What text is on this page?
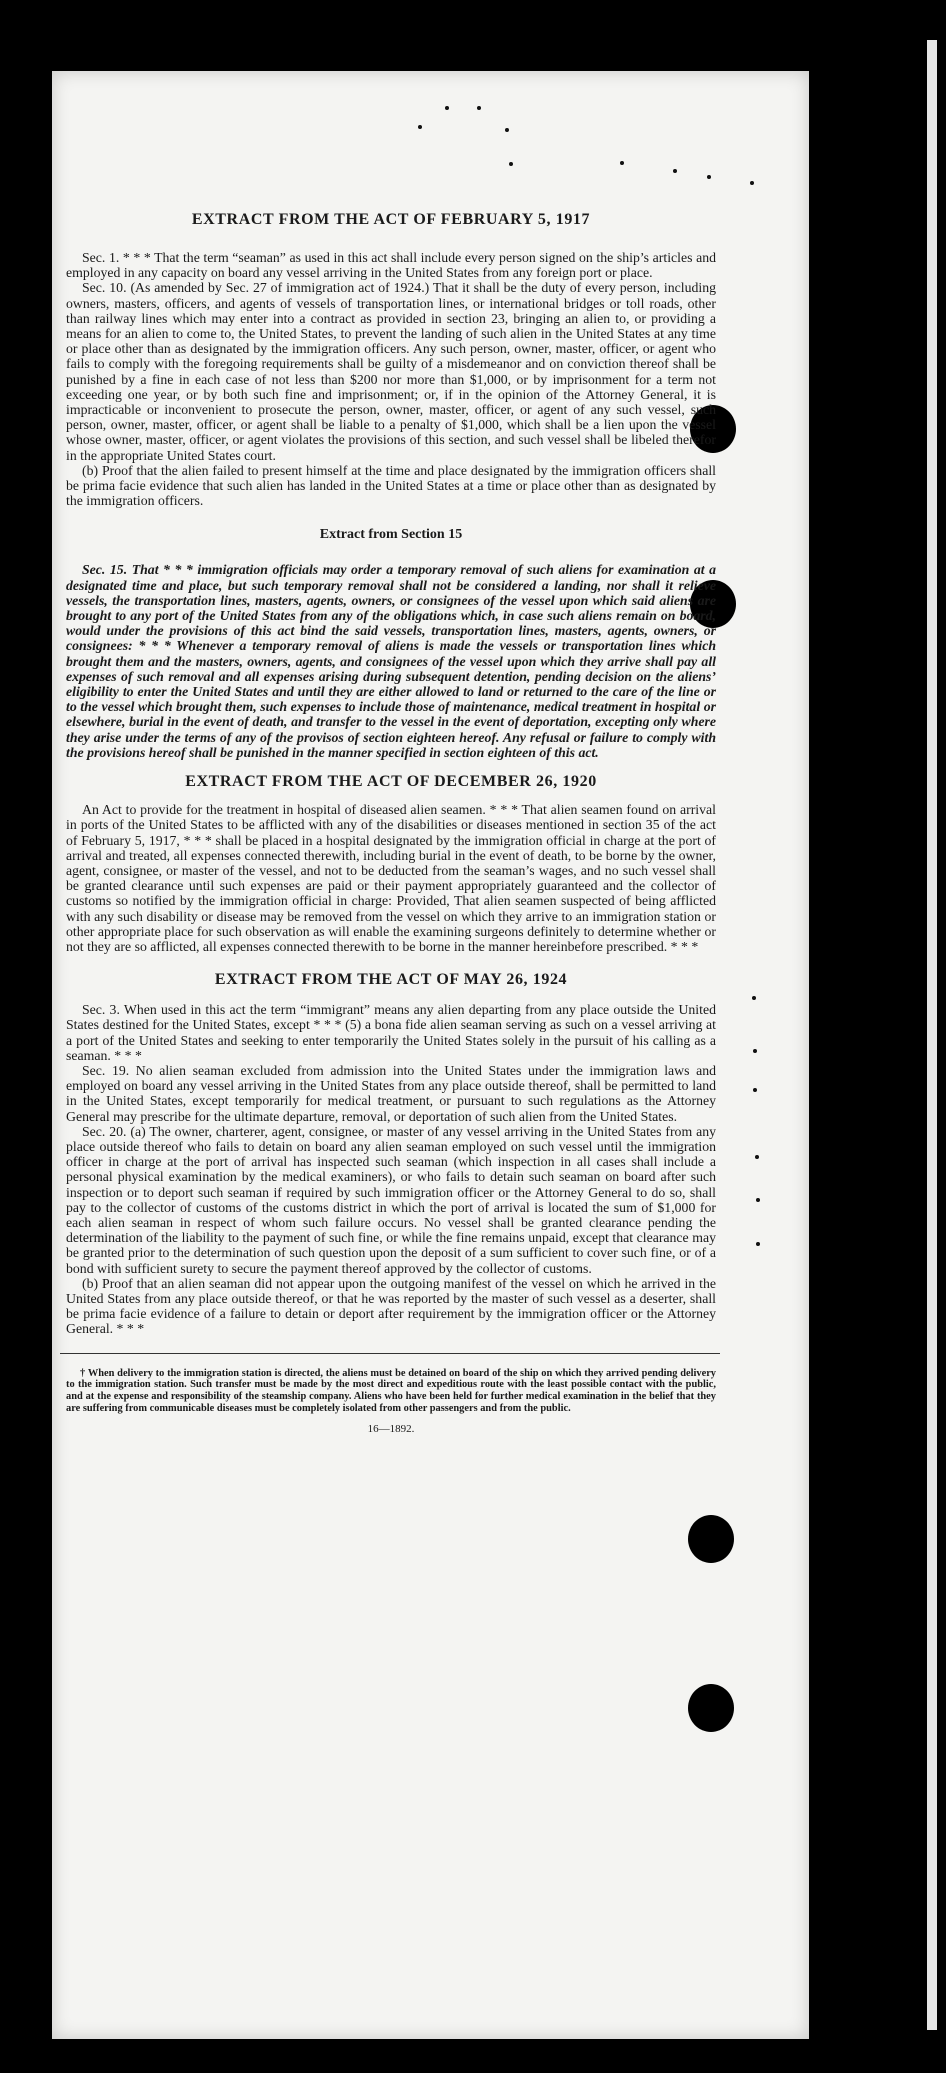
EXTRACT FROM THE ACT OF FEBRUARY 5, 1917

Sec. 1. * * * That the term “seaman” as used in this act shall include every person signed on the ship’s articles and employed in any capacity on board any vessel arriving in the United States from any foreign port or place.

Sec. 10. (As amended by Sec. 27 of immigration act of 1924.) That it shall be the duty of every person, including owners, masters, officers, and agents of vessels of transportation lines, or international bridges or toll roads, other than railway lines which may enter into a contract as provided in section 23, bringing an alien to, or providing a means for an alien to come to, the United States, to prevent the landing of such alien in the United States at any time or place other than as designated by the immigration officers. Any such person, owner, master, officer, or agent who fails to comply with the foregoing requirements shall be guilty of a misdemeanor and on conviction thereof shall be punished by a fine in each case of not less than $200 nor more than $1,000, or by imprisonment for a term not exceeding one year, or by both such fine and imprisonment; or, if in the opinion of the Attorney General, it is impracticable or inconvenient to prosecute the person, owner, master, officer, or agent of any such vessel, such person, owner, master, officer, or agent shall be liable to a penalty of $1,000, which shall be a lien upon the vessel whose owner, master, officer, or agent violates the provisions of this section, and such vessel shall be libeled therefor in the appropriate United States court.

(b) Proof that the alien failed to present himself at the time and place designated by the immigration officers shall be prima facie evidence that such alien has landed in the United States at a time or place other than as designated by the immigration officers.

Extract from Section 15

Sec. 15. That * * * immigration officials may order a temporary removal of such aliens for examination at a designated time and place, but such temporary removal shall not be considered a landing, nor shall it relieve vessels, the transportation lines, masters, agents, owners, or consignees of the vessel upon which said aliens are brought to any port of the United States from any of the obligations which, in case such aliens remain on board, would under the provisions of this act bind the said vessels, transportation lines, masters, agents, owners, or consignees: * * * Whenever a temporary removal of aliens is made the vessels or transportation lines which brought them and the masters, owners, agents, and consignees of the vessel upon which they arrive shall pay all expenses of such removal and all expenses arising during subsequent detention, pending decision on the aliens’ eligibility to enter the United States and until they are either allowed to land or returned to the care of the line or to the vessel which brought them, such expenses to include those of maintenance, medical treatment in hospital or elsewhere, burial in the event of death, and transfer to the vessel in the event of deportation, excepting only where they arise under the terms of any of the provisos of section eighteen hereof. Any refusal or failure to comply with the provisions hereof shall be punished in the manner specified in section eighteen of this act.

EXTRACT FROM THE ACT OF DECEMBER 26, 1920

An Act to provide for the treatment in hospital of diseased alien seamen. * * * That alien seamen found on arrival in ports of the United States to be afflicted with any of the disabilities or diseases mentioned in section 35 of the act of February 5, 1917, * * * shall be placed in a hospital designated by the immigration official in charge at the port of arrival and treated, all expenses connected therewith, including burial in the event of death, to be borne by the owner, agent, consignee, or master of the vessel, and not to be deducted from the seaman’s wages, and no such vessel shall be granted clearance until such expenses are paid or their payment appropriately guaranteed and the collector of customs so notified by the immigration official in charge: Provided, That alien seamen suspected of being afflicted with any such disability or disease may be removed from the vessel on which they arrive to an immigration station or other appropriate place for such observation as will enable the examining surgeons definitely to determine whether or not they are so afflicted, all expenses connected therewith to be borne in the manner hereinbefore prescribed. * * *

EXTRACT FROM THE ACT OF MAY 26, 1924

Sec. 3. When used in this act the term “immigrant” means any alien departing from any place outside the United States destined for the United States, except * * * (5) a bona fide alien seaman serving as such on a vessel arriving at a port of the United States and seeking to enter temporarily the United States solely in the pursuit of his calling as a seaman. * * *

Sec. 19. No alien seaman excluded from admission into the United States under the immigration laws and employed on board any vessel arriving in the United States from any place outside thereof, shall be permitted to land in the United States, except temporarily for medical treatment, or pursuant to such regulations as the Attorney General may prescribe for the ultimate departure, removal, or deportation of such alien from the United States.

Sec. 20. (a) The owner, charterer, agent, consignee, or master of any vessel arriving in the United States from any place outside thereof who fails to detain on board any alien seaman employed on such vessel until the immigration officer in charge at the port of arrival has inspected such seaman (which inspection in all cases shall include a personal physical examination by the medical examiners), or who fails to detain such seaman on board after such inspection or to deport such seaman if required by such immigration officer or the Attorney General to do so, shall pay to the collector of customs of the customs district in which the port of arrival is located the sum of $1,000 for each alien seaman in respect of whom such failure occurs. No vessel shall be granted clearance pending the determination of the liability to the payment of such fine, or while the fine remains unpaid, except that clearance may be granted prior to the determination of such question upon the deposit of a sum sufficient to cover such fine, or of a bond with sufficient surety to secure the payment thereof approved by the collector of customs.

(b) Proof that an alien seaman did not appear upon the outgoing manifest of the vessel on which he arrived in the United States from any place outside thereof, or that he was reported by the master of such vessel as a deserter, shall be prima facie evidence of a failure to detain or deport after requirement by the immigration officer or the Attorney General. * * *

† When delivery to the immigration station is directed, the aliens must be detained on board of the ship on which they arrived pending delivery to the immigration station. Such transfer must be made by the most direct and expeditious route with the least possible contact with the public, and at the expense and responsibility of the steamship company. Aliens who have been held for further medical examination in the belief that they are suffering from communicable diseases must be completely isolated from other passengers and from the public.

16—1892.
